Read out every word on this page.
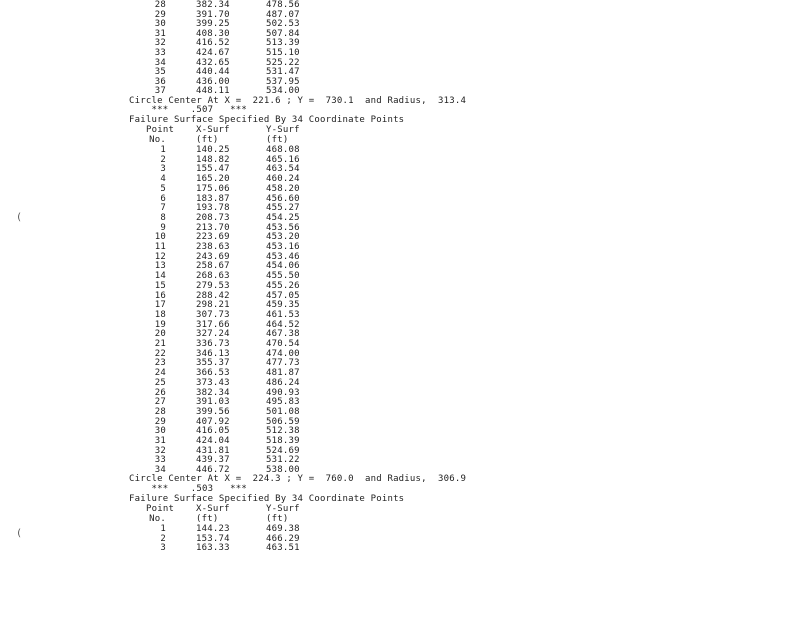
28	382.34	478.56
29	391.70	487.07
30	399.25	502.53
31	408.30	507.84
32	416.52	513.39
33	424.67	515.10
34	432.65	525.22
35	440.44	531.47
36	436.00	537.95
37	448.11	534.00
Circle Center At X =  221.6 ; Y =  730.1  and Radius,  313.4
***    .507   ***
Failure Surface Specified By 34 Coordinate Points
Point X-Surf	Y-Surf
No.	(ft)	(ft)
1	140.25	468.08
2	148.82	465.16
3	155.47	463.54
4	165.20	460.24
5	175.06	458.20
6	183.87	456.60
7	193.78	455.27
8	208.73	454.25
9	213.70	453.56
10	223.69	453.20
11	238.63	453.16
12	243.69	453.46
13	258.67	454.06
14	268.63	455.50
15	279.53	455.26
16	288.42	457.05
17	298.21	459.35
18	307.73	461.53
19	317.66	464.52
20	327.24	467.38
21	336.73	470.54
22	346.13	474.00
23	355.37	477.73
24	366.53	481.87
25	373.43	486.24
26	382.34	490.93
27	391.03	495.83
28	399.56	501.08
29	407.92	506.59
30	416.05	512.38
31	424.04	518.39
32	431.81	524.69
33	439.37	531.22
34	446.72	538.00
Circle Center At X =  224.3 ; Y =  760.0  and Radius,  306.9
***    .503   ***
Failure Surface Specified By 34 Coordinate Points
Point X-Surf	Y-Surf
No.	(ft)	(ft)
1	144.23	469.38
2	153.74	466.29
3	163.33	463.51
(
(
